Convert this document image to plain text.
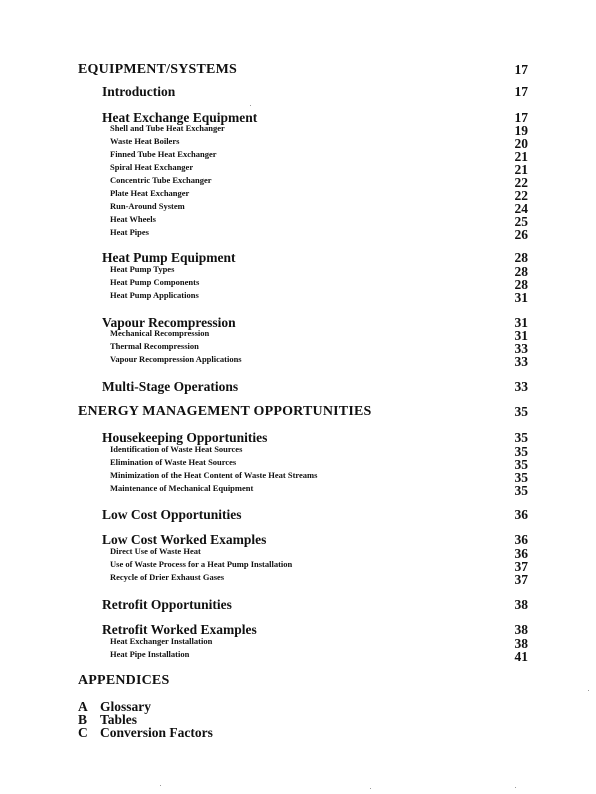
EQUIPMENT/SYSTEMS	17
Introduction	17
Heat Exchange Equipment	17
Shell and Tube Heat Exchanger	19
Waste Heat Boilers	20
Finned Tube Heat Exchanger	21
Spiral Heat Exchanger	21
Concentric Tube Exchanger	22
Plate Heat Exchanger	22
Run-Around System	24
Heat Wheels	25
Heat Pipes	26
Heat Pump Equipment	28
Heat Pump Types	28
Heat Pump Components	28
Heat Pump Applications	31
Vapour Recompression	31
Mechanical Recompression	31
Thermal Recompression	33
Vapour Recompression Applications	33
Multi-Stage Operations	33
ENERGY MANAGEMENT OPPORTUNITIES	35
Housekeeping Opportunities	35
Identification of Waste Heat Sources	35
Elimination of Waste Heat Sources	35
Minimization of the Heat Content of Waste Heat Streams	35
Maintenance of Mechanical Equipment	35
Low Cost Opportunities	36
Low Cost Worked Examples	36
Direct Use of Waste Heat	36
Use of Waste Process for a Heat Pump Installation	37
Recycle of Drier Exhaust Gases	37
Retrofit Opportunities	38
Retrofit Worked Examples	38
Heat Exchanger Installation	38
Heat Pipe Installation	41
APPENDICES
A Glossary
B Tables
C Conversion Factors
